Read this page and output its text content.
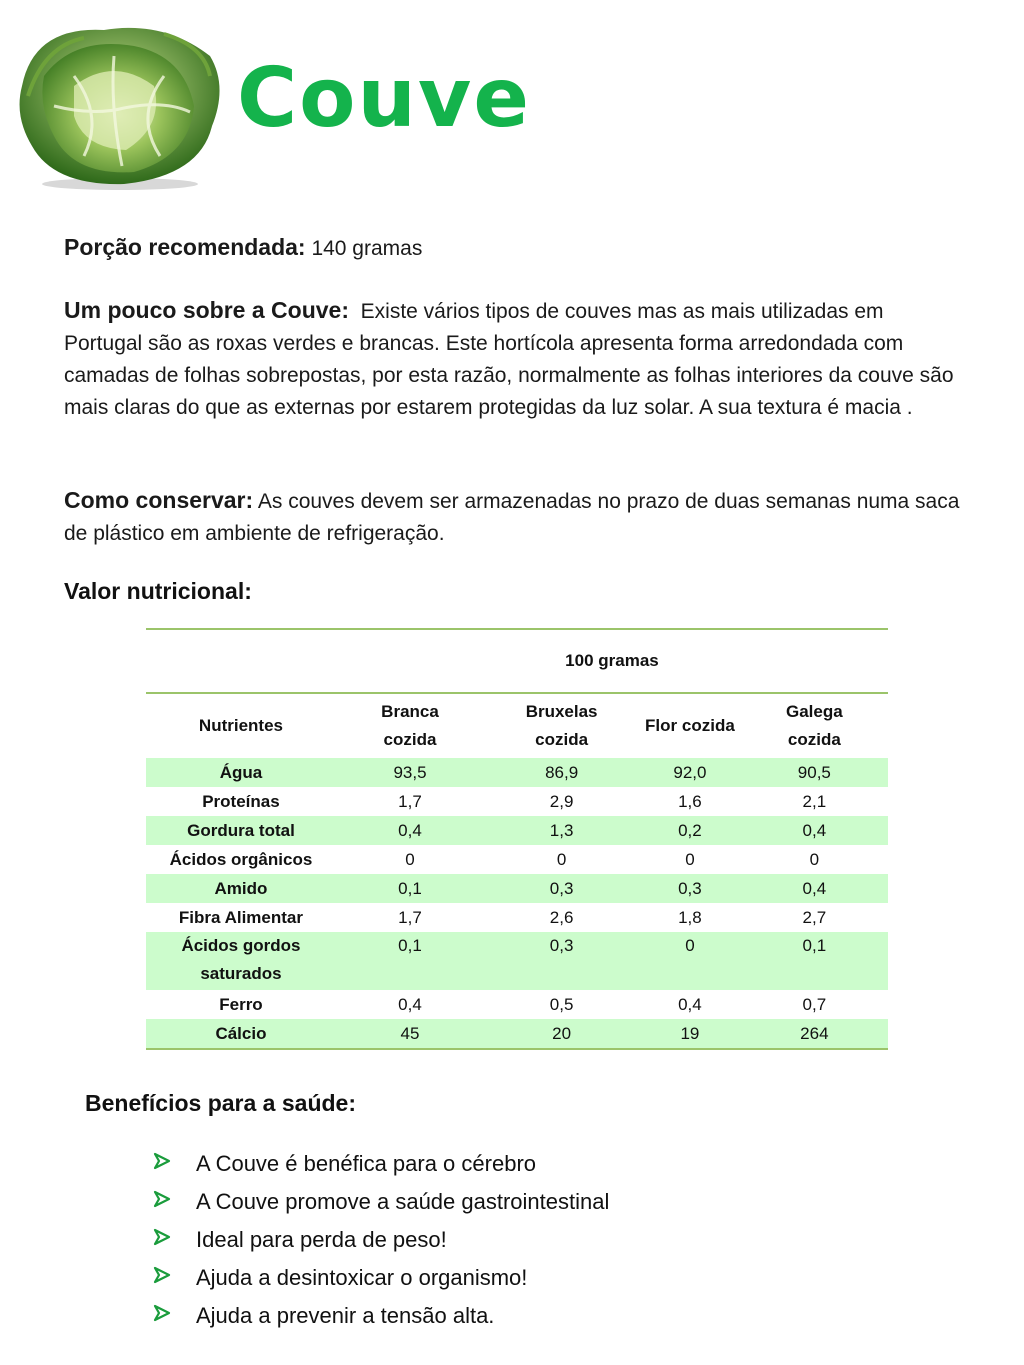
Couve
Porção recomendada: 140 gramas
Um pouco sobre a Couve: Existe vários tipos de couves mas as mais utilizadas em Portugal são as roxas verdes e brancas. Este hortícola apresenta forma arredondada com camadas de folhas sobrepostas, por esta razão, normalmente as folhas interiores da couve são mais claras do que as externas por estarem protegidas da luz solar. A sua textura é macia .
Como conservar: As couves devem ser armazenadas no prazo de duas semanas numa saca de plástico em ambiente de refrigeração.
Valor nutricional:
	100 gramas			
Nutrientes	Branca cozida	Bruxelas cozida	Flor cozida	Galega cozida
Água	93,5	86,9	92,0	90,5
Proteínas	1,7	2,9	1,6	2,1
Gordura total	0,4	1,3	0,2	0,4
Ácidos orgânicos	0	0	0	0
Amido	0,1	0,3	0,3	0,4
Fibra Alimentar	1,7	2,6	1,8	2,7
Ácidos gordos saturados	0,1	0,3	0	0,1
Ferro	0,4	0,5	0,4	0,7
Cálcio	45	20	19	264
Benefícios para a saúde:
A Couve é benéfica para o cérebro
A Couve promove a saúde gastrointestinal
Ideal para perda de peso!
Ajuda a desintoxicar o organismo!
Ajuda a prevenir a tensão alta.
